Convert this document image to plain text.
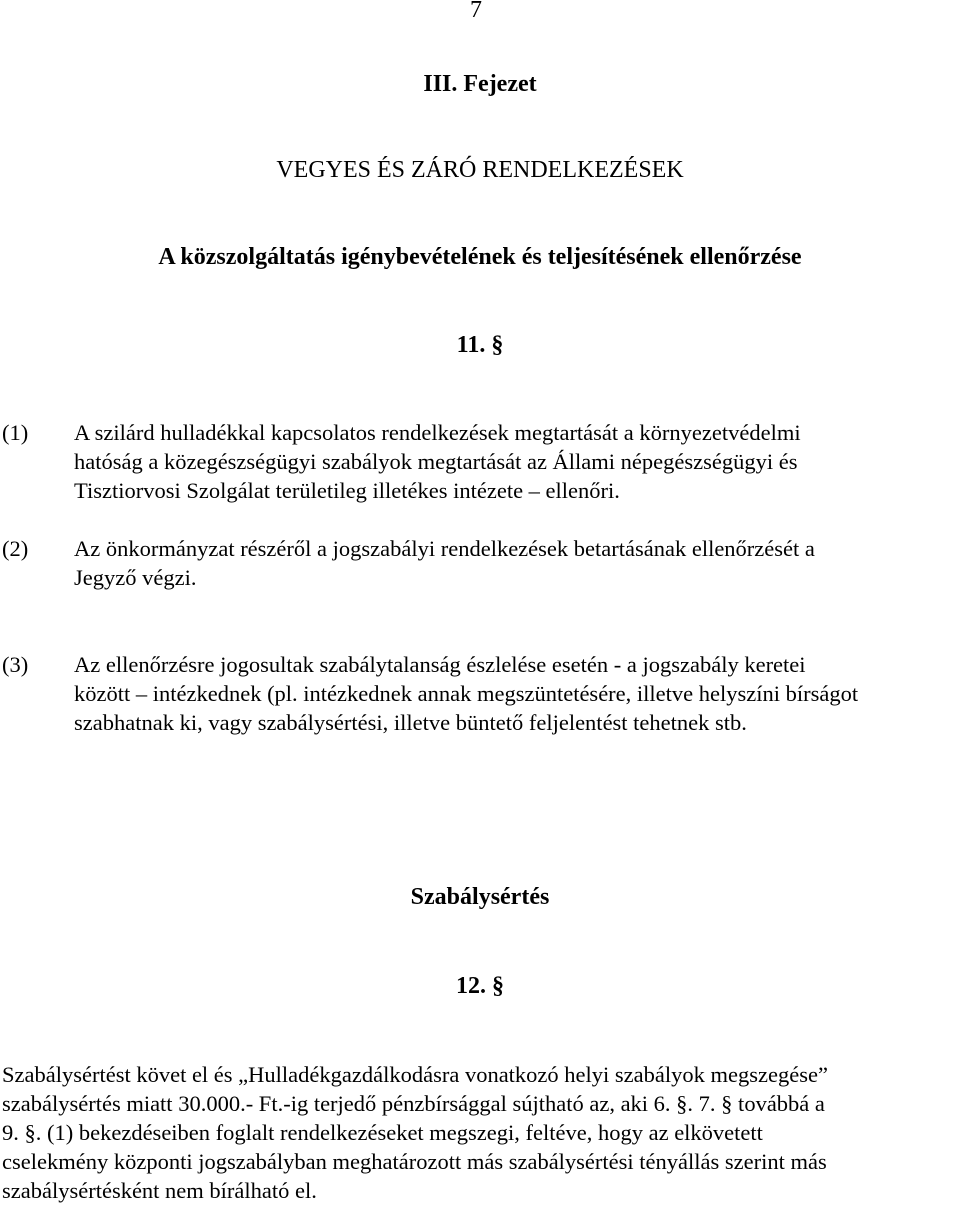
7
III. Fejezet
VEGYES ÉS ZÁRÓ RENDELKEZÉSEK
A közszolgáltatás igénybevételének és teljesítésének ellenőrzése
11. §
(1) A szilárd hulladékkal kapcsolatos rendelkezések megtartását a környezetvédelmi
hatóság a közegészségügyi szabályok megtartását az Állami népegészségügyi és
Tisztiorvosi Szolgálat területileg illetékes intézete – ellenőri.
(2) Az önkormányzat részéről a jogszabályi rendelkezések betartásának ellenőrzését a
Jegyző végzi.
(3) Az ellenőrzésre jogosultak szabálytalanság észlelése esetén - a jogszabály keretei
között – intézkednek (pl. intézkednek annak megszüntetésére, illetve helyszíni bírságot
szabhatnak ki, vagy szabálysértési, illetve büntető feljelentést tehetnek stb.
Szabálysértés
12. §
Szabálysértést követ el és „Hulladékgazdálkodásra vonatkozó helyi szabályok megszegése”
szabálysértés miatt 30.000.- Ft.-ig terjedő pénzbírsággal sújtható az, aki 6. §. 7. § továbbá a
9. §. (1) bekezdéseiben foglalt rendelkezéseket megszegi, feltéve, hogy az elkövetett
cselekmény központi jogszabályban meghatározott más szabálysértési tényállás szerint más
szabálysértésként nem bírálható el.
